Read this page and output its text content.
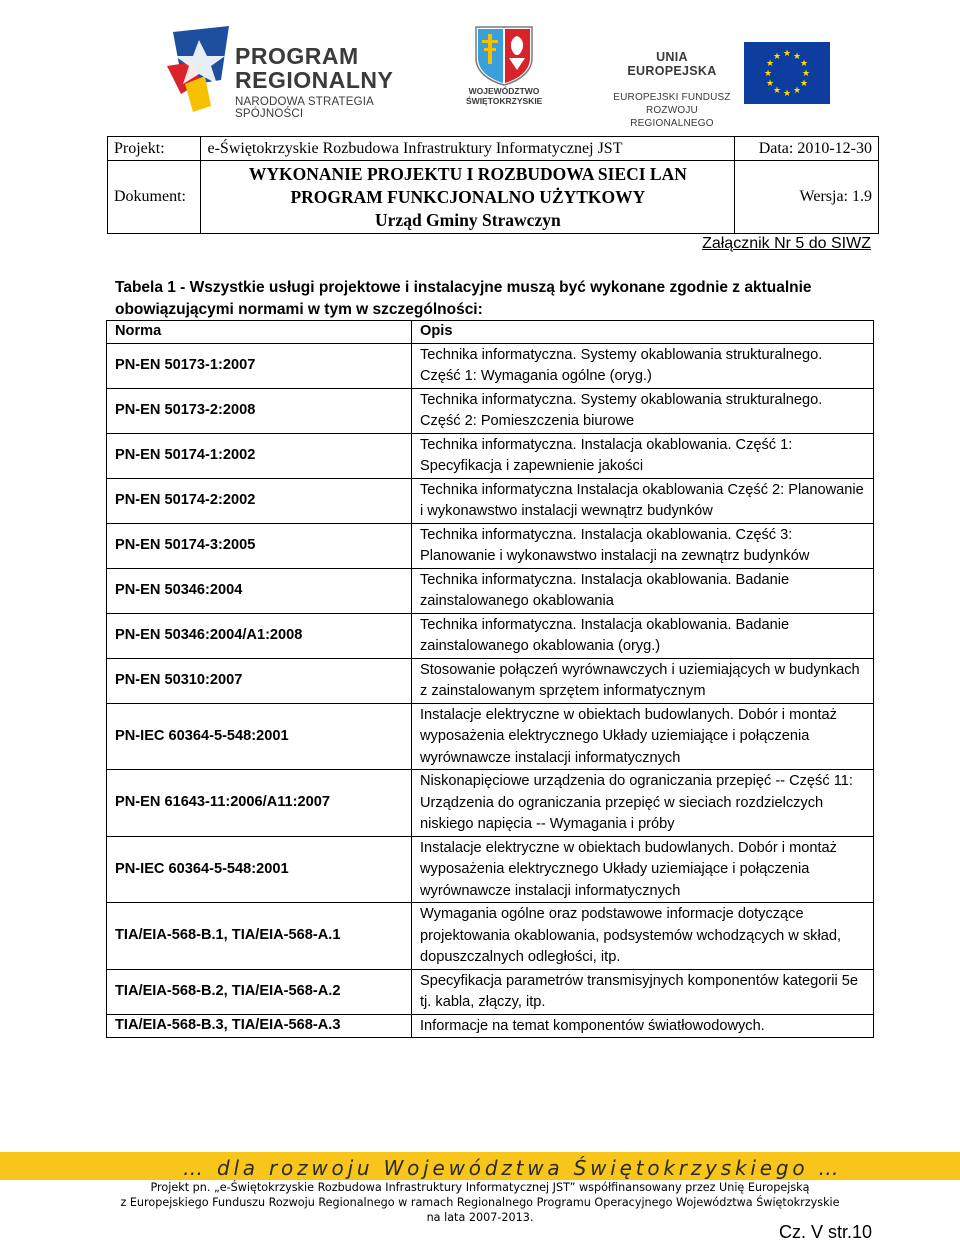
PROGRAM
REGIONALNY
NARODOWA STRATEGIA SPÓJNOŚCI
WOJEWÓDZTWO
ŚWIĘTOKRZYSKIE
UNIA EUROPEJSKA
EUROPEJSKI FUNDUSZ
ROZWOJU REGIONALNEGO
★ ★
★
★
★
★
★
★
★
★
★
★
Projekt:	e-Świętokrzyskie Rozbudowa Infrastruktury Informatycznej JST	Data: 2010-12-30
Dokument:	WYKONANIE PROJEKTU I ROZBUDOWA SIECI LAN
PROGRAM FUNKCJONALNO UŻYTKOWY
Urząd Gminy Strawczyn	Wersja: 1.9
Załącznik Nr 5 do SIWZ
Tabela 1 - Wszystkie usługi projektowe i instalacyjne muszą być wykonane zgodnie z aktualnie obowiązującymi normami w tym w szczególności:
Norma	Opis
PN-EN 50173-1:2007	Technika informatyczna. Systemy okablowania strukturalnego. Część 1: Wymagania ogólne (oryg.)
PN-EN 50173-2:2008	Technika informatyczna. Systemy okablowania strukturalnego. Część 2: Pomieszczenia biurowe
PN-EN 50174-1:2002	Technika informatyczna. Instalacja okablowania. Część 1: Specyfikacja i zapewnienie jakości
PN-EN 50174-2:2002	Technika informatyczna Instalacja okablowania Część 2: Planowanie i wykonawstwo instalacji wewnątrz budynków
PN-EN 50174-3:2005	Technika informatyczna. Instalacja okablowania. Część 3: Planowanie i wykonawstwo instalacji na zewnątrz budynków
PN-EN 50346:2004	Technika informatyczna. Instalacja okablowania. Badanie zainstalowanego okablowania
PN-EN 50346:2004/A1:2008	Technika informatyczna. Instalacja okablowania. Badanie zainstalowanego okablowania (oryg.)
PN-EN 50310:2007	Stosowanie połączeń wyrównawczych i uziemiających w budynkach z zainstalowanym sprzętem informatycznym
PN-IEC 60364-5-548:2001	Instalacje elektryczne w obiektach budowlanych. Dobór i montaż wyposażenia elektrycznego Układy uziemiające i połączenia wyrównawcze instalacji informatycznych
PN-EN 61643-11:2006/A11:2007	Niskonapięciowe urządzenia do ograniczania przepięć -- Część 11: Urządzenia do ograniczania przepięć w sieciach rozdzielczych niskiego napięcia -- Wymagania i próby
PN-IEC 60364-5-548:2001	Instalacje elektryczne w obiektach budowlanych. Dobór i montaż wyposażenia elektrycznego Układy uziemiające i połączenia wyrównawcze instalacji informatycznych
TIA/EIA-568-B.1, TIA/EIA-568-A.1	Wymagania ogólne oraz podstawowe informacje dotyczące projektowania okablowania, podsystemów wchodzących w skład, dopuszczalnych odległości, itp.
TIA/EIA-568-B.2, TIA/EIA-568-A.2	Specyfikacja parametrów transmisyjnych komponentów kategorii 5e tj. kabla, złączy, itp.
TIA/EIA-568-B.3, TIA/EIA-568-A.3	Informacje na temat komponentów światłowodowych.
… dla rozwoju Województwa Świętokrzyskiego …
Projekt pn. „e-Świętokrzyskie Rozbudowa Infrastruktury Informatycznej JST” współfinansowany przez Unię Europejską
z Europejskiego Funduszu Rozwoju Regionalnego w ramach Regionalnego Programu Operacyjnego Województwa Świętokrzyskie
na lata 2007-2013.
Cz. V str.10
